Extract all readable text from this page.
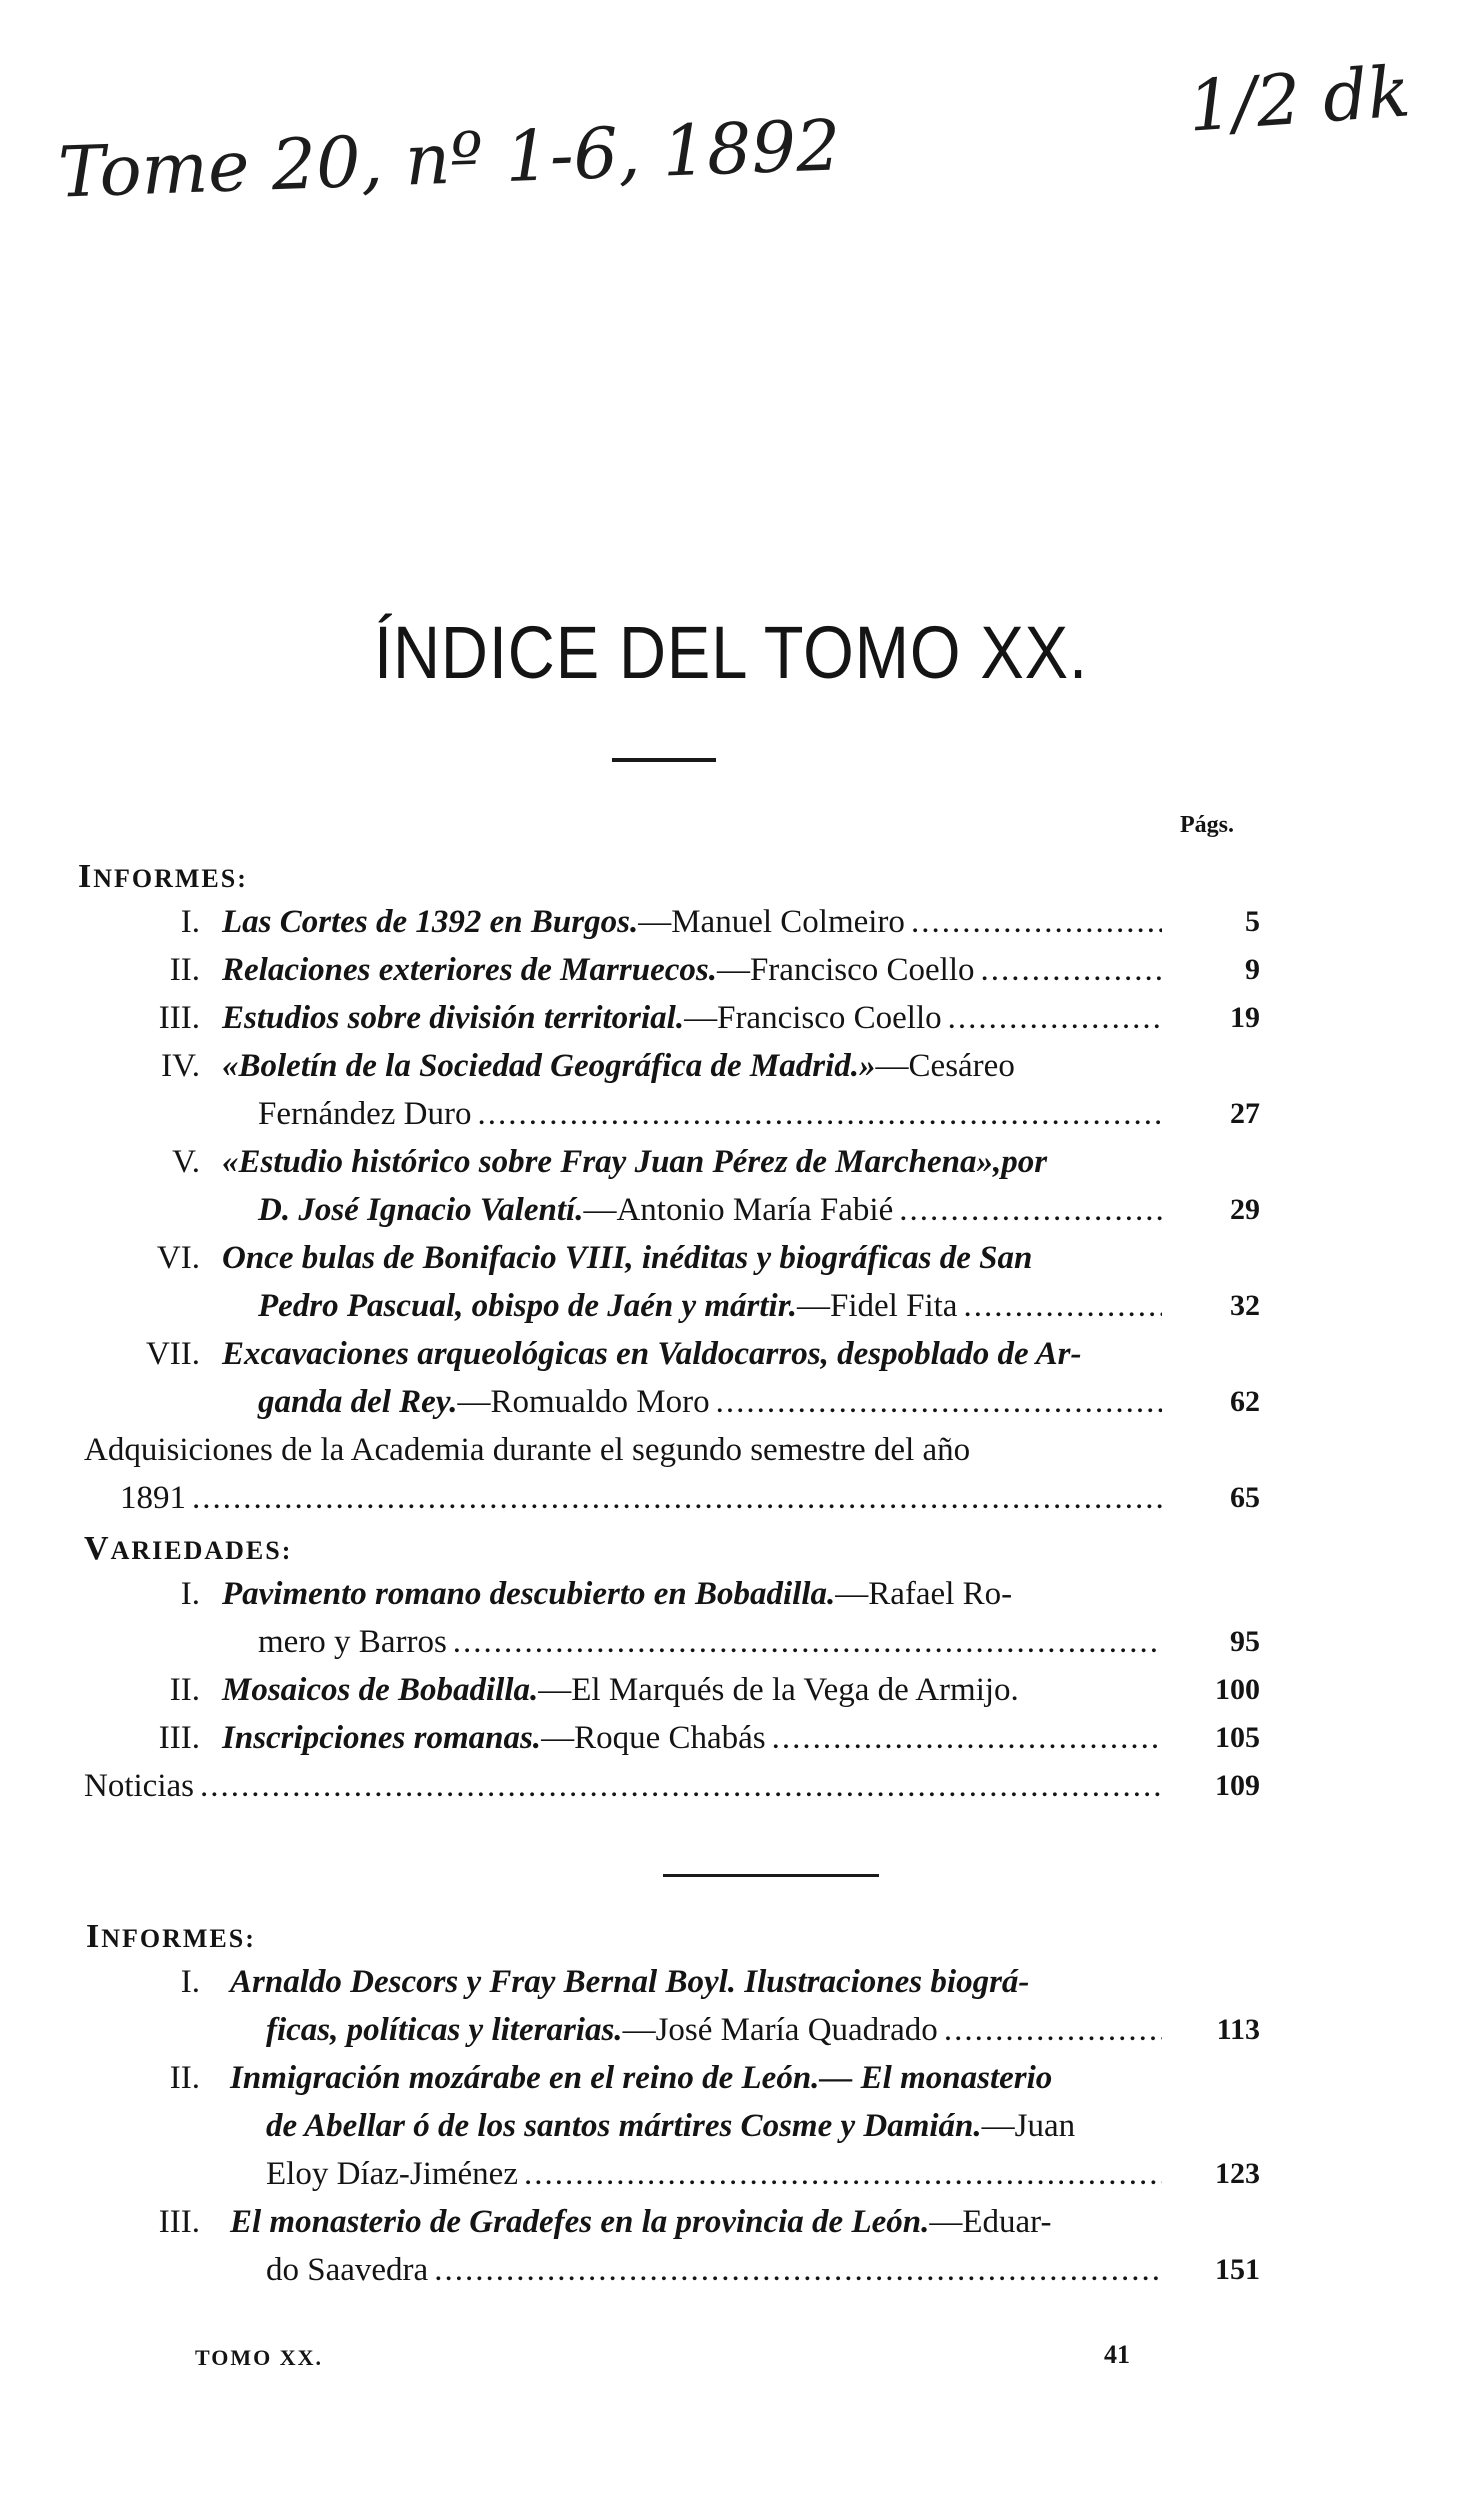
Tome 20, nº 1-6, 1892
1/2 dk
ÍNDICE DEL TOMO XX.
Págs.
INFORMES:
I. Las Cortes de 1392 en Burgos. —Manuel Colmeiro .....	5
II. Relaciones exteriores de Marruecos. —Francisco Coello .....	9
III. Estudios sobre división territorial. —Francisco Coello .....	19
IV. «Boletín de la Sociedad Geográfica de Madrid.» —Cesáreo
Fernández Duro .....	27
V. «Estudio histórico sobre Fray Juan Pérez de Marchena», por
D. José Ignacio Valentí. —Antonio María Fabié .....	29
VI. Once bulas de Bonifacio VIII, inéditas y biográficas de San
Pedro Pascual, obispo de Jaén y mártir. —Fidel Fita .....	32
VII. Excavaciones arqueológicas en Valdocarros, despoblado de Ar-
ganda del Rey. —Romualdo Moro .....	62
Adquisiciones de la Academia durante el segundo semestre del año
1891 .....	65
VARIEDADES:
I. Pavimento romano descubierto en Bobadilla. —Rafael Ro-
mero y Barros .....	95
II. Mosaicos de Bobadilla. —El Marqués de la Vega de Armijo.	100
III. Inscripciones romanas. —Roque Chabás .....	105
Noticias .....	109
INFORMES:
I. Arnaldo Descors y Fray Bernal Boyl. Ilustraciones biográ-
ficas, políticas y literarias. —José María Quadrado .....	113
II. Inmigración mozárabe en el reino de León.— El monasterio
de Abellar ó de los santos mártires Cosme y Damián. —Juan
Eloy Díaz-Jiménez .....	123
III. El monasterio de Gradefes en la provincia de León. —Eduar-
do Saavedra .....	151
TOMO XX.	41
